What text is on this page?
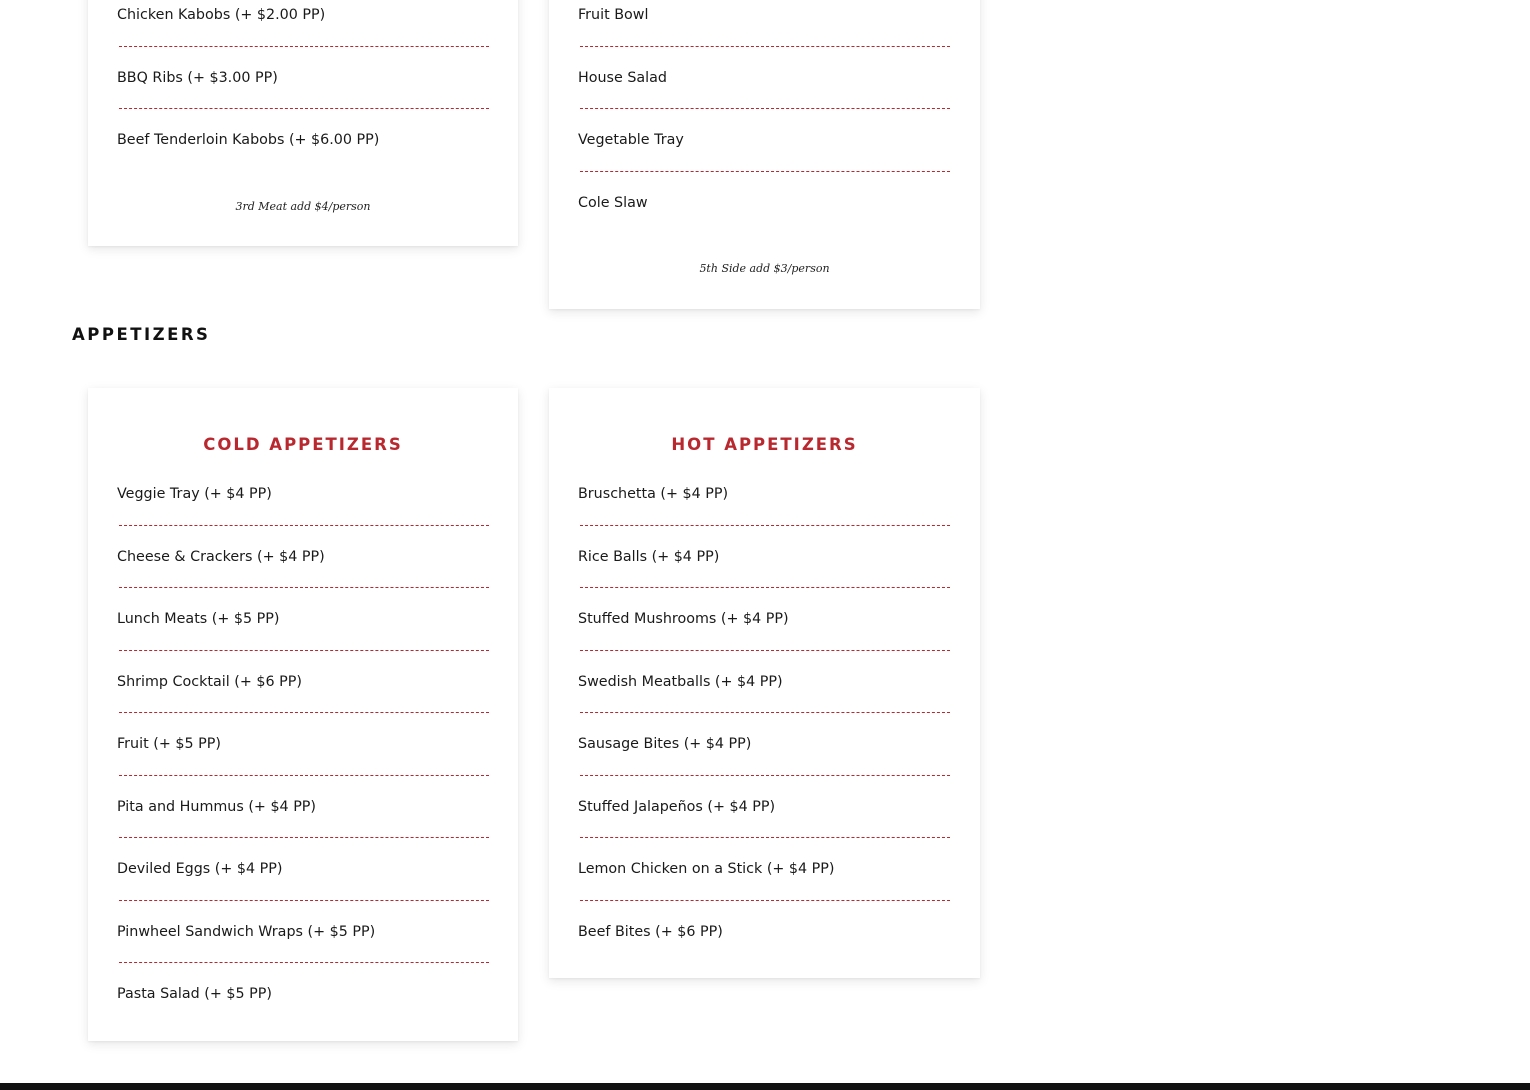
Chicken Kabobs (+ $2.00 PP)
BBQ Ribs (+ $3.00 PP)
Beef Tenderloin Kabobs (+ $6.00 PP)
3rd Meat add $4/person
Fruit Bowl
House Salad
Vegetable Tray
Cole Slaw
5th Side add $3/person
APPETIZERS
COLD APPETIZERS
Veggie Tray (+ $4 PP)
Cheese & Crackers (+ $4 PP)
Lunch Meats (+ $5 PP)
Shrimp Cocktail (+ $6 PP)
Fruit (+ $5 PP)
Pita and Hummus (+ $4 PP)
Deviled Eggs (+ $4 PP)
Pinwheel Sandwich Wraps (+ $5 PP)
Pasta Salad (+ $5 PP)
HOT APPETIZERS
Bruschetta (+ $4 PP)
Rice Balls (+ $4 PP)
Stuffed Mushrooms (+ $4 PP)
Swedish Meatballs (+ $4 PP)
Sausage Bites (+ $4 PP)
Stuffed Jalapeños (+ $4 PP)
Lemon Chicken on a Stick (+ $4 PP)
Beef Bites (+ $6 PP)
